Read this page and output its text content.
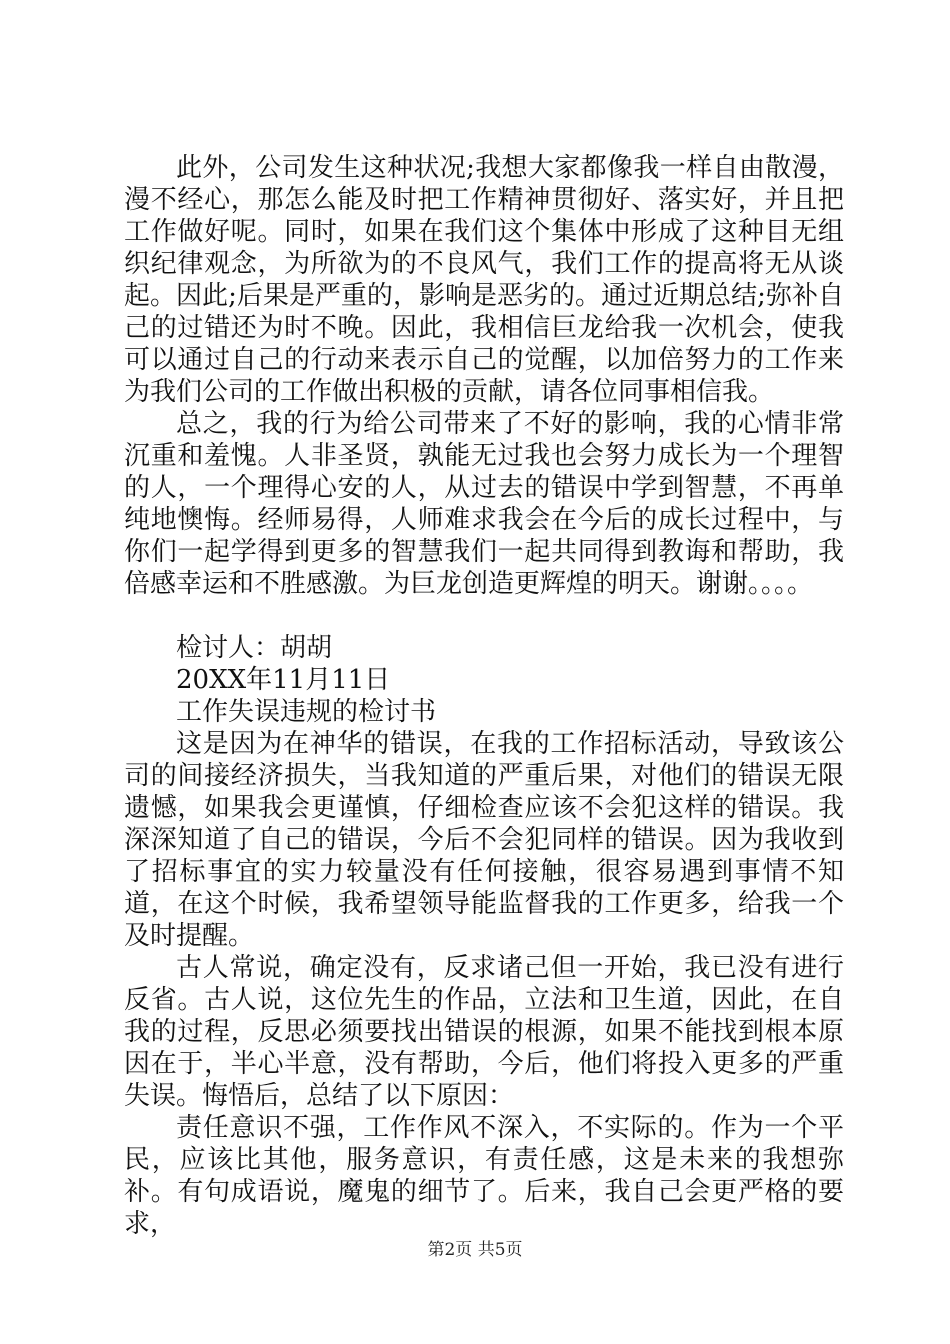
此外，公司发生这种状况;我想大家都像我一样自由散漫，漫不经心，那怎么能及时把工作精神贯彻好、落实好，并且把工作做好呢。同时，如果在我们这个集体中形成了这种目无组织纪律观念，为所欲为的不良风气，我们工作的提高将无从谈起。因此;后果是严重的，影响是恶劣的。通过近期总结;弥补自己的过错还为时不晚。因此，我相信巨龙给我一次机会，使我可以通过自己的行动来表示自己的觉醒，以加倍努力的工作来为我们公司的工作做出积极的贡献，请各位同事相信我。

总之，我的行为给公司带来了不好的影响，我的心情非常沉重和羞愧。人非圣贤，孰能无过我也会努力成长为一个理智的人，一个理得心安的人，从过去的错误中学到智慧，不再单纯地懊悔。经师易得，人师难求我会在今后的成长过程中，与你们一起学得到更多的智慧我们一起共同得到教诲和帮助，我倍感幸运和不胜感激。为巨龙创造更辉煌的明天。谢谢。。。。

检讨人：胡胡

20XX年11月11日

工作失误违规的检讨书

这是因为在神华的错误，在我的工作招标活动，导致该公司的间接经济损失，当我知道的严重后果，对他们的错误无限遗憾，如果我会更谨慎，仔细检查应该不会犯这样的错误。我深深知道了自己的错误，今后不会犯同样的错误。因为我收到了招标事宜的实力较量没有任何接触，很容易遇到事情不知道，在这个时候，我希望领导能监督我的工作更多，给我一个及时提醒。

古人常说，确定没有，反求诸己但一开始，我已没有进行反省。古人说，这位先生的作品，立法和卫生道，因此，在自我的过程，反思必须要找出错误的根源，如果不能找到根本原因在于，半心半意，没有帮助，今后，他们将投入更多的严重失误。悔悟后，总结了以下原因：

责任意识不强，工作作风不深入，不实际的。作为一个平民，应该比其他，服务意识，有责任感，这是未来的我想弥补。有句成语说，魔鬼的细节了。后来，我自己会更严格的要求，

第2页 共5页
